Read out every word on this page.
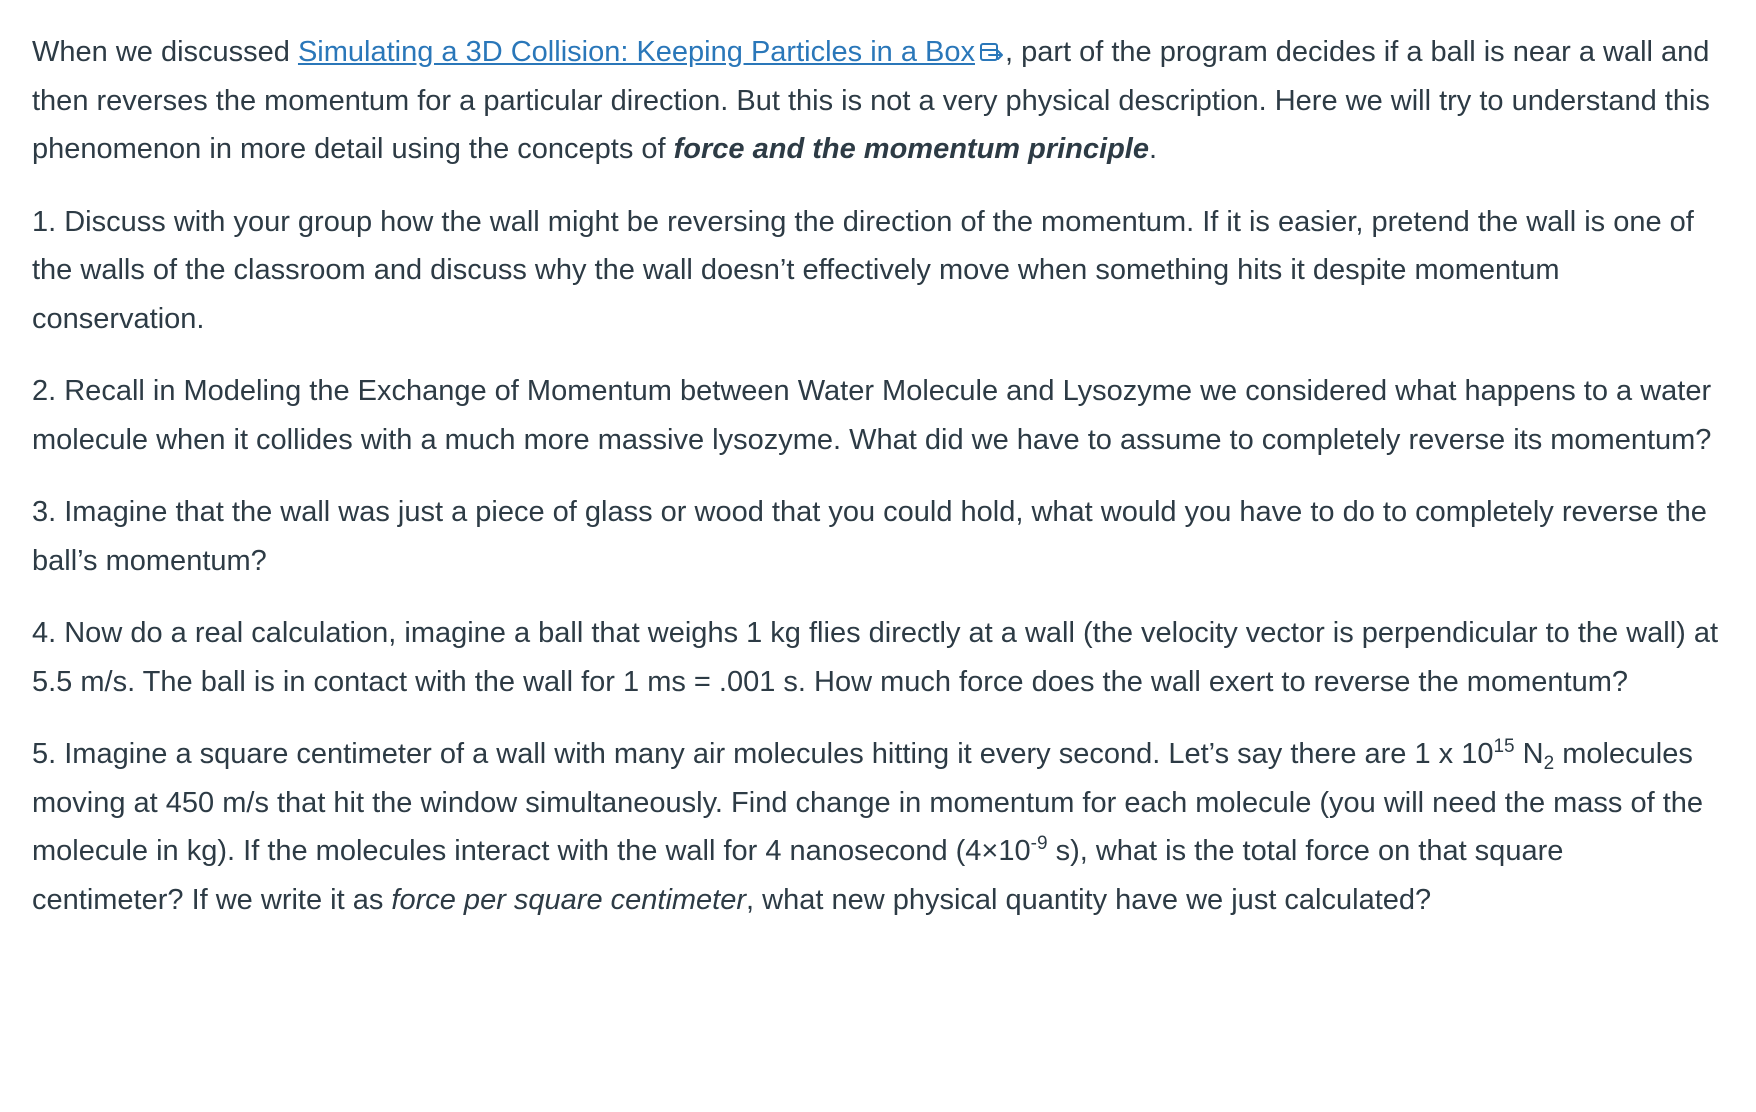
When we discussed Simulating a 3D Collision: Keeping Particles in a Box , part of the program decides if a ball is near a wall and then reverses the momentum for a particular direction. But this is not a very physical description. Here we will try to understand this phenomenon in more detail using the concepts of force and the momentum principle.

1. Discuss with your group how the wall might be reversing the direction of the momentum. If it is easier, pretend the wall is one of the walls of the classroom and discuss why the wall doesn’t effectively move when something hits it despite momentum conservation.

2. Recall in Modeling the Exchange of Momentum between Water Molecule and Lysozyme we considered what happens to a water molecule when it collides with a much more massive lysozyme. What did we have to assume to completely reverse its momentum?

3. Imagine that the wall was just a piece of glass or wood that you could hold, what would you have to do to completely reverse the ball’s momentum?

4. Now do a real calculation, imagine a ball that weighs 1 kg flies directly at a wall (the velocity vector is perpendicular to the wall) at 5.5 m/s. The ball is in contact with the wall for 1 ms = .001 s. How much force does the wall exert to reverse the momentum?

5. Imagine a square centimeter of a wall with many air molecules hitting it every second. Let’s say there are 1 x $10^{15}$ $N_2$ molecules moving at 450 m/s that hit the window simultaneously. Find change in momentum for each molecule (you will need the mass of the molecule in kg). If the molecules interact with the wall for 4 nanosecond ($4\times 10^{-9}$ s), what is the total force on that square centimeter? If we write it as force per square centimeter, what new physical quantity have we just calculated?
